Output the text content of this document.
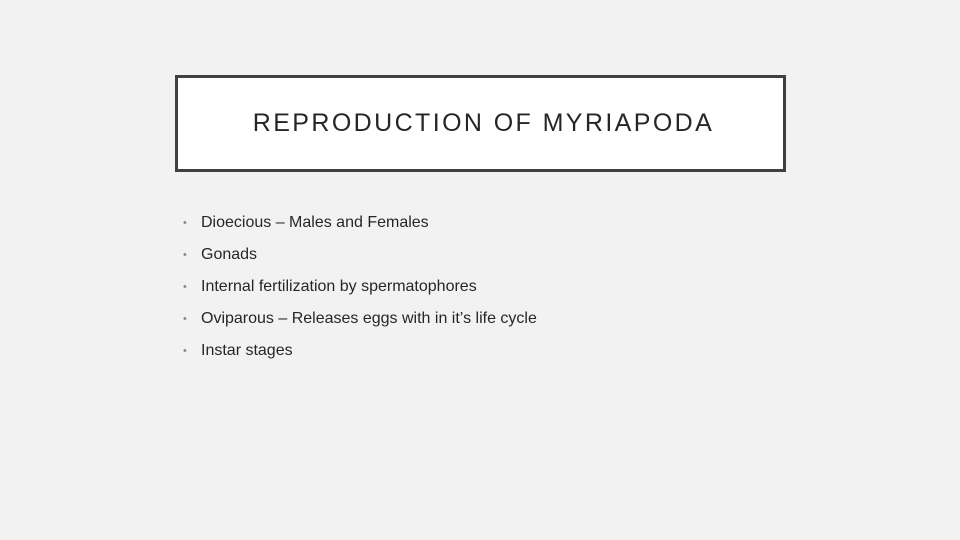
REPRODUCTION OF MYRIAPODA
• Dioecious – Males and Females
• Gonads
• Internal fertilization by spermatophores
• Oviparous – Releases eggs with in it’s life cycle
• Instar stages
